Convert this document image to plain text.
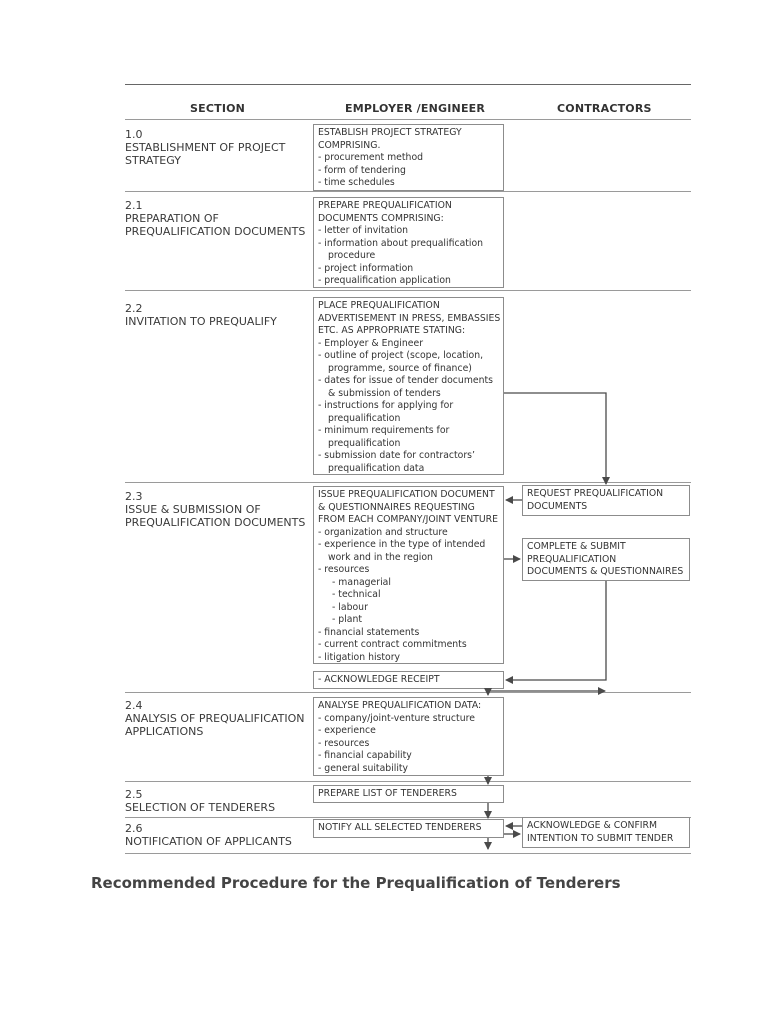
SECTION	EMPLOYER /ENGINEER	CONTRACTORS
1.0
ESTABLISHMENT OF PROJECT
STRATEGY
2.1
PREPARATION OF
PREQUALIFICATION DOCUMENTS
2.2
INVITATION TO PREQUALIFY
2.3
ISSUE & SUBMISSION OF
PREQUALIFICATION DOCUMENTS
2.4
ANALYSIS OF PREQUALIFICATION
APPLICATIONS
2.5
SELECTION OF TENDERERS
2.6
NOTIFICATION OF APPLICANTS
ESTABLISH PROJECT STRATEGY
COMPRISING.
- procurement method
- form of tendering
- time schedules
PREPARE PREQUALIFICATION
DOCUMENTS COMPRISING:
- letter of invitation
- information about prequalification
procedure
- project information
- prequalification application
PLACE PREQUALIFICATION
ADVERTISEMENT IN PRESS, EMBASSIES
ETC. AS APPROPRIATE STATING:
- Employer & Engineer
- outline of project (scope, location,
programme, source of finance)
- dates for issue of tender documents
& submission of tenders
- instructions for applying for
prequalification
- minimum requirements for
prequalification
- submission date for contractors’
prequalification data
ISSUE PREQUALIFICATION DOCUMENT
& QUESTIONNAIRES REQUESTING
FROM EACH COMPANY/JOINT VENTURE
- organization and structure
- experience in the type of intended
work and in the region
- resources
- managerial
- technical
- labour
- plant
- financial statements
- current contract commitments
- litigation history
- ACKNOWLEDGE RECEIPT
ANALYSE PREQUALIFICATION DATA:
- company/joint-venture structure
- experience
- resources
- financial capability
- general suitability
PREPARE LIST OF TENDERERS
NOTIFY ALL SELECTED TENDERERS
REQUEST PREQUALIFICATION
DOCUMENTS
COMPLETE & SUBMIT
PREQUALIFICATION
DOCUMENTS & QUESTIONNAIRES
ACKNOWLEDGE & CONFIRM
INTENTION TO SUBMIT TENDER
Recommended Procedure for the Prequalification of Tenderers
